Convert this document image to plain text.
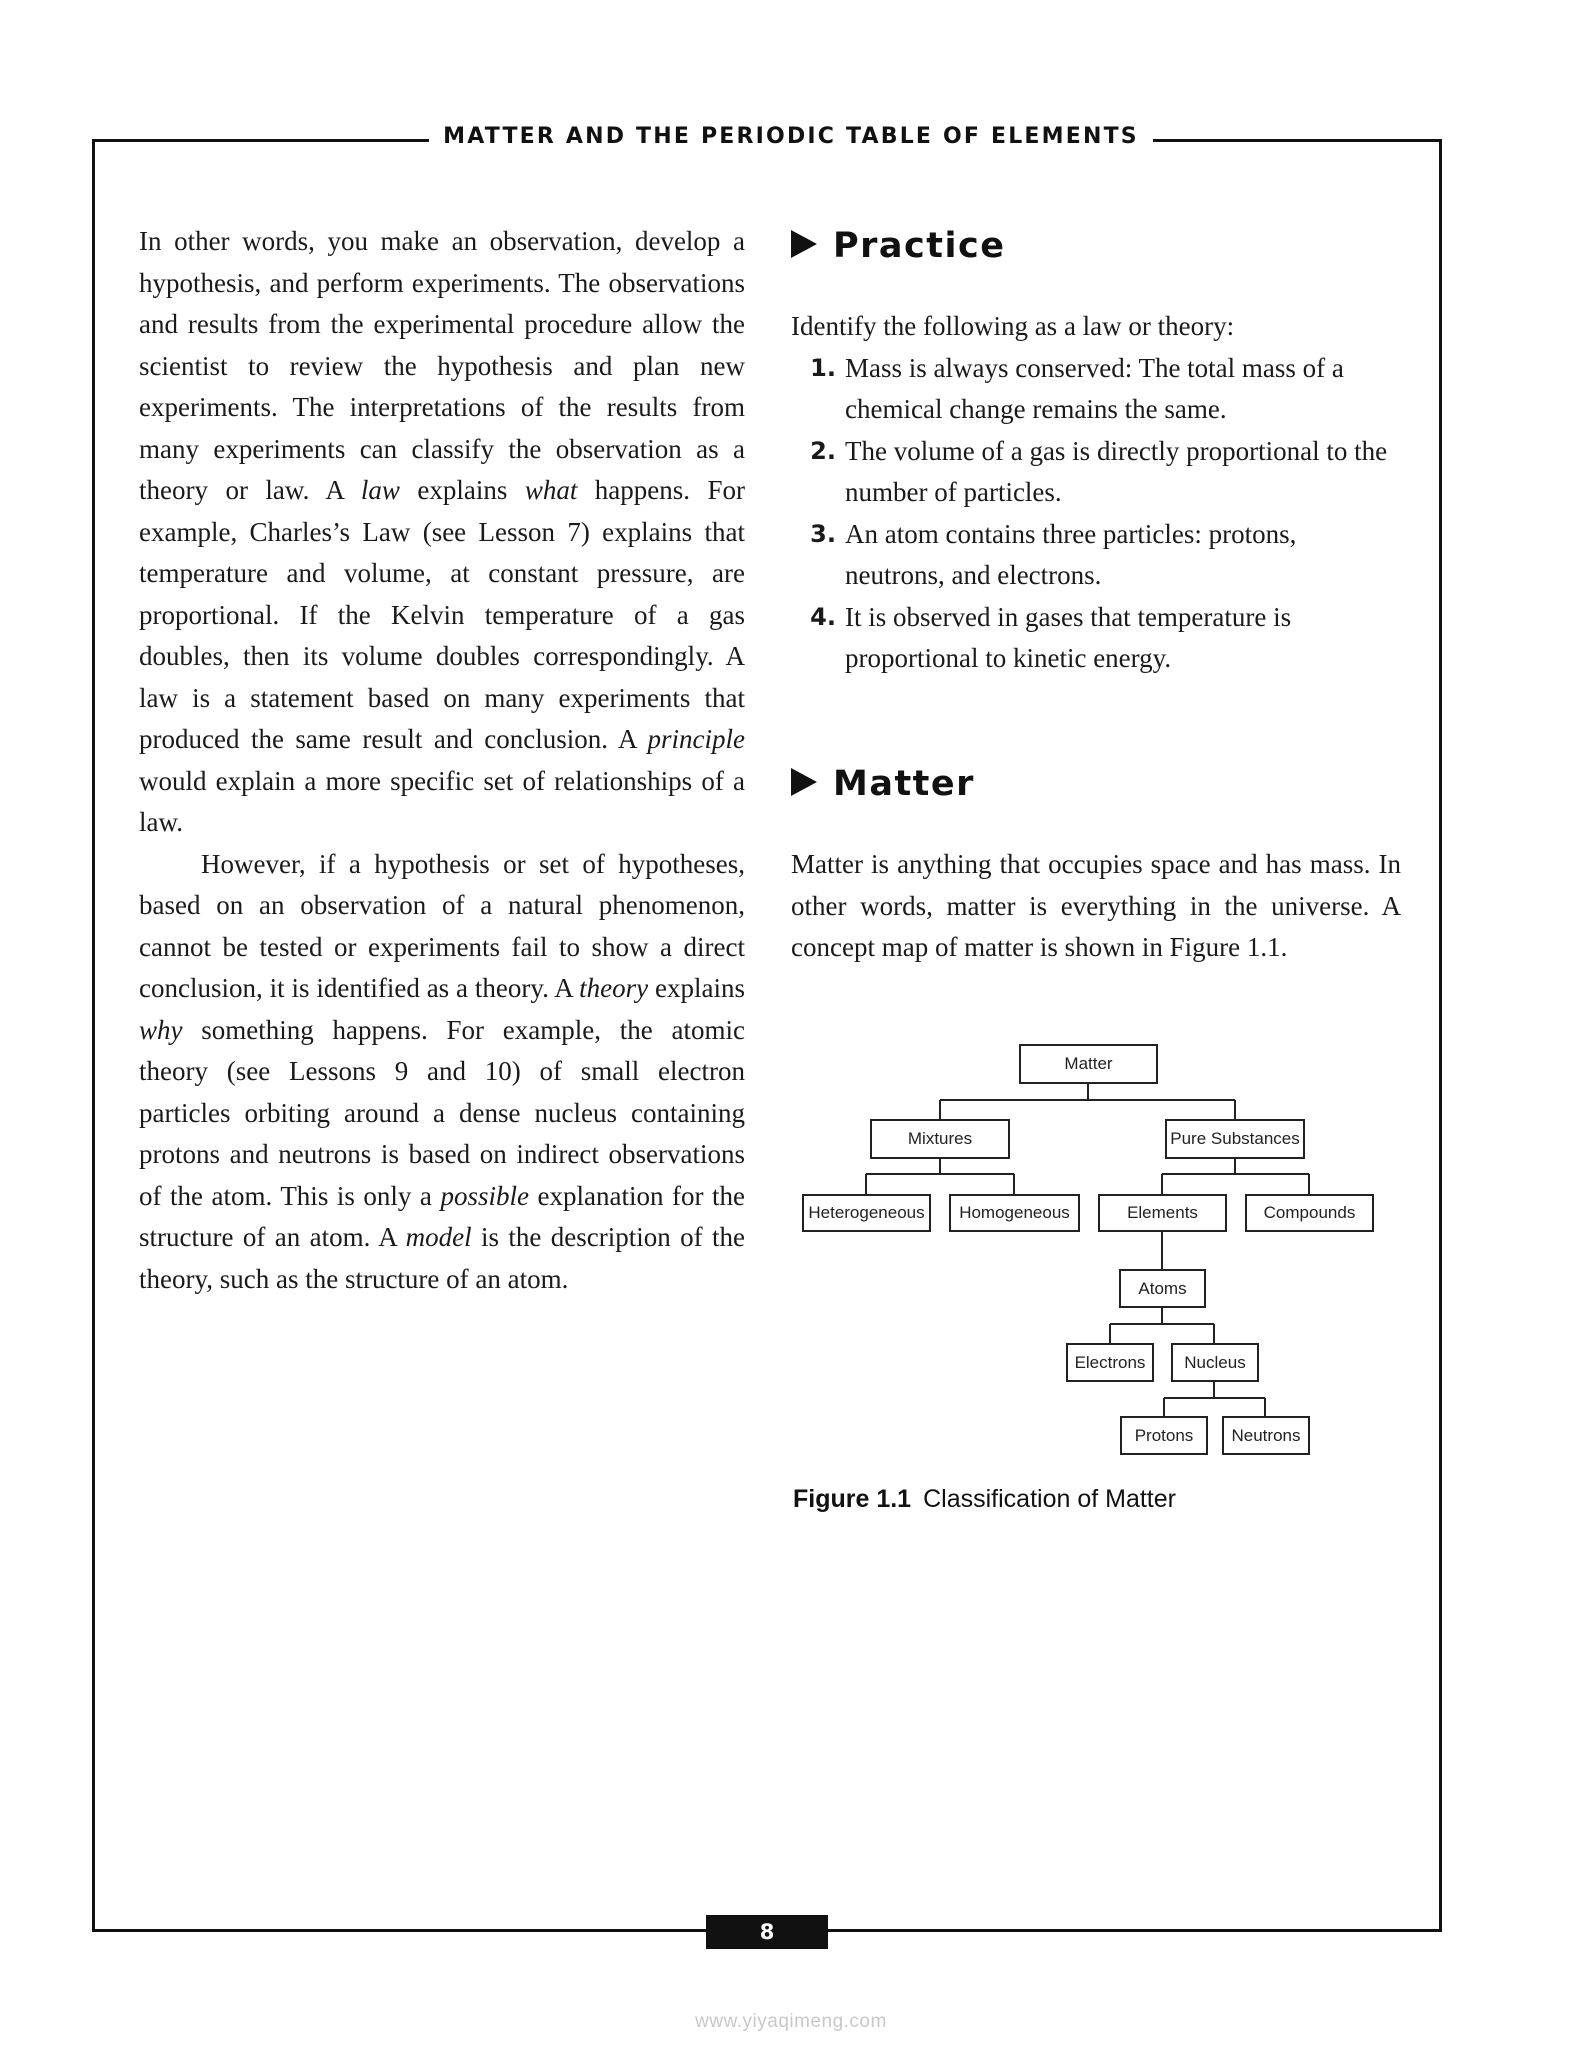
MATTER AND THE PERIODIC TABLE OF ELEMENTS

In other words, you make an observation, develop a hypothesis, and perform experiments. The observations and results from the experimental procedure allow the scientist to review the hypothesis and plan new experiments. The interpretations of the results from many experiments can classify the observation as a theory or law. A law explains what happens. For example, Charles’s Law (see Lesson 7) explains that temperature and volume, at constant pressure, are proportional. If the Kelvin temperature of a gas doubles, then its volume doubles correspondingly. A law is a statement based on many experiments that produced the same result and conclusion. A principle would explain a more specific set of relationships of a law.

However, if a hypothesis or set of hypotheses, based on an observation of a natural phenomenon, cannot be tested or experiments fail to show a direct conclusion, it is identified as a theory. A theory explains why something happens. For example, the atomic theory (see Lessons 9 and 10) of small electron particles orbiting around a dense nucleus containing protons and neutrons is based on indirect observations of the atom. This is only a possible explanation for the structure of an atom. A model is the description of the theory, such as the structure of an atom.

Practice
Identify the following as a law or theory:
1. Mass is always conserved: The total mass of a chemical change remains the same.
2. The volume of a gas is directly proportional to the number of particles.
3. An atom contains three particles: protons, neutrons, and electrons.
4. It is observed in gases that temperature is proportional to kinetic energy.
Matter
Matter is anything that occupies space and has mass. In other words, matter is everything in the universe. A concept map of matter is shown in Figure 1.1.
Matter
Mixtures	Pure Substances
Heterogeneous	Homogeneous	Elements	Compounds
Atoms
Electrons	Nucleus
Protons	Neutrons
Figure 1.1 Classification of Matter
8
www.yiyaqimeng.com
